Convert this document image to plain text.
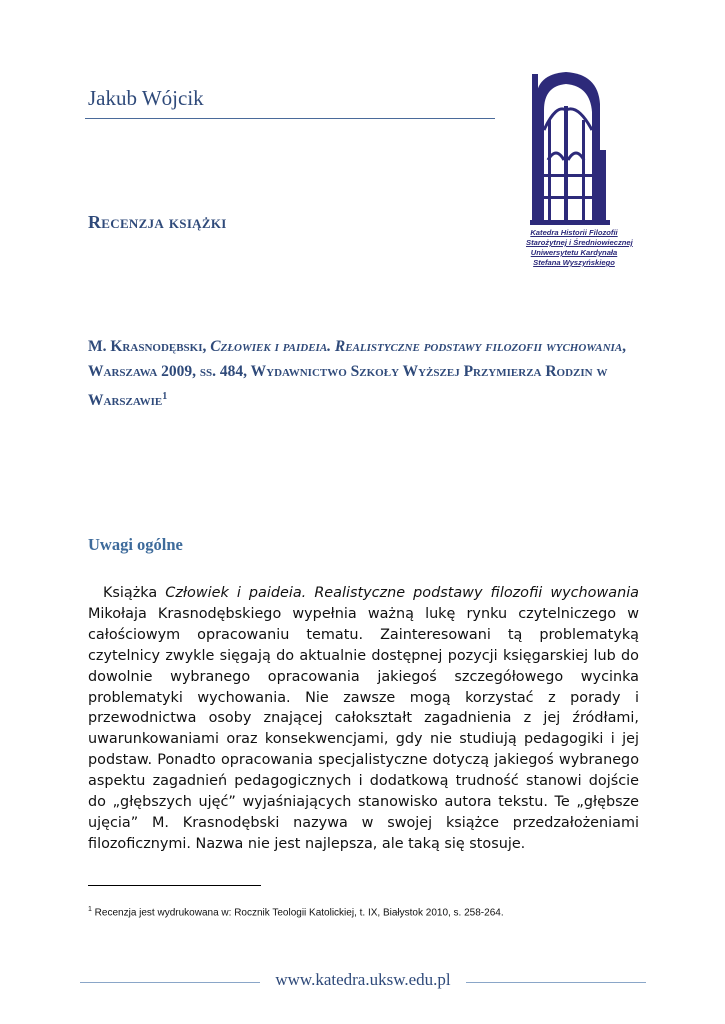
Jakub Wójcik
Recenzja książki
Katedra Historii Filozofii
Starożytnej i Średniowiecznej
Uniwersytetu Kardynała
Stefana Wyszyńskiego
M. Krasnodębski, Człowiek i paideia. Realistyczne podstawy filozofii wychowania, Warszawa 2009, ss. 484, Wydawnictwo Szkoły Wyższej Przymierza Rodzin w Warszawie$^1$
Uwagi ogólne
Książka Człowiek i paideia. Realistyczne podstawy filozofii wychowania Mikołaja Krasnodębskiego wypełnia ważną lukę rynku czytelniczego w całościowym opracowaniu tematu. Zainteresowani tą problematyką czytelnicy zwykle sięgają do aktualnie dostępnej pozycji księgarskiej lub do dowolnie wybranego opracowania jakiegoś szczegółowego wycinka problematyki wychowania. Nie zawsze mogą korzystać z porady i przewodnictwa osoby znającej całokształt zagadnienia z jej źródłami, uwarunkowaniami oraz konsekwencjami, gdy nie studiują pedagogiki i jej podstaw. Ponadto opracowania specjalistyczne dotyczą jakiegoś wybranego aspektu zagadnień pedagogicznych i dodatkową trudność stanowi dojście do „głębszych ujęć” wyjaśniających stanowisko autora tekstu. Te „głębsze ujęcia” M. Krasnodębski nazywa w swojej książce przedzałożeniami filozoficznymi. Nazwa nie jest najlepsza, ale taką się stosuje.
$^1$ Recenzja jest wydrukowana w: Rocznik Teologii Katolickiej, t. IX, Białystok 2010, s. 258-264.
www.katedra.uksw.edu.pl
